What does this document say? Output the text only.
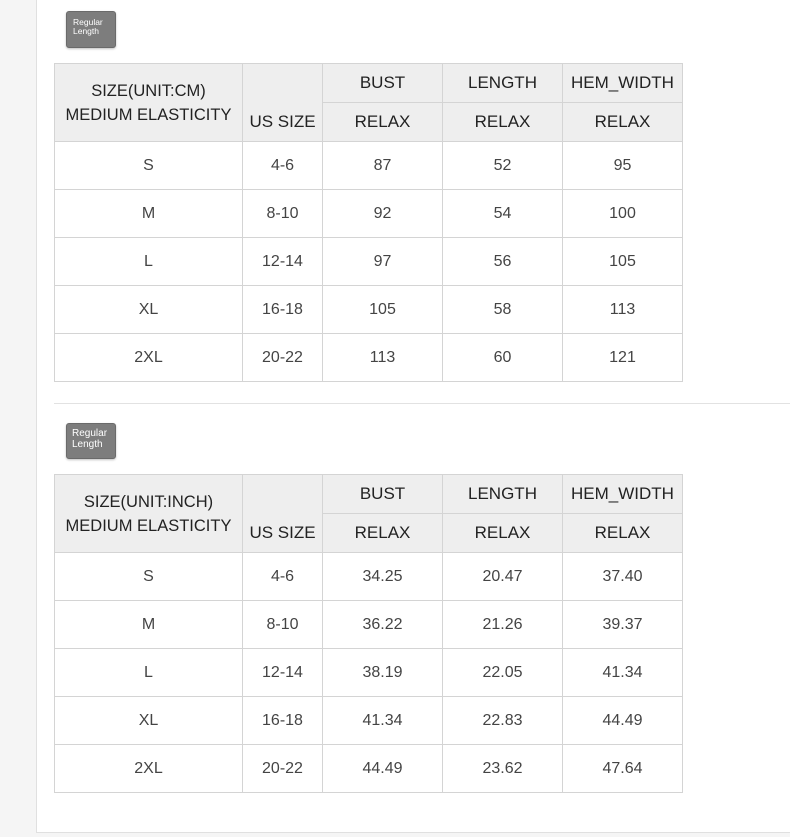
Regular Length
SIZE(UNIT:CM)
MEDIUM ELASTICITY	US SIZE	BUST	LENGTH	HEM_WIDTH
		RELAX	RELAX	RELAX
S	4-6	87	52	95
M	8-10	92	54	100
L	12-14	97	56	105
XL	16-18	105	58	113
2XL	20-22	113	60	121
Regular Length
SIZE(UNIT:INCH)
MEDIUM ELASTICITY	US SIZE	BUST	LENGTH	HEM_WIDTH
		RELAX	RELAX	RELAX
S	4-6	34.25	20.47	37.40
M	8-10	36.22	21.26	39.37
L	12-14	38.19	22.05	41.34
XL	16-18	41.34	22.83	44.49
2XL	20-22	44.49	23.62	47.64
